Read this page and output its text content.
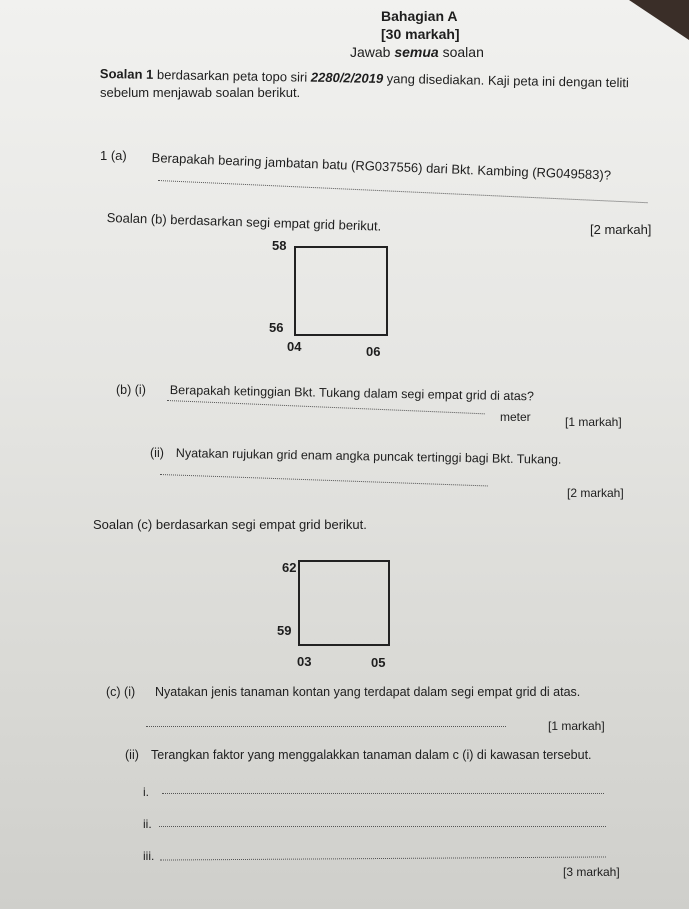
Bahagian A
[30 markah]
Jawab semua soalan
Soalan 1 berdasarkan peta topo siri 2280/2/2019 yang disediakan. Kaji peta ini dengan teliti
sebelum menjawab soalan berikut.
1 (a) Berapakah bearing jambatan batu (RG037556) dari Bkt. Kambing (RG049583)?
Soalan (b) berdasarkan segi empat grid berikut.	[2 markah]
58
56
04	06
(b) (i) Berapakah ketinggian Bkt. Tukang dalam segi empat grid di atas?
meter	[1 markah]
(ii) Nyatakan rujukan grid enam angka puncak tertinggi bagi Bkt. Tukang.
[2 markah]
Soalan (c) berdasarkan segi empat grid berikut.
62
59
03	05
(c) (i) Nyatakan jenis tanaman kontan yang terdapat dalam segi empat grid di atas.
[1 markah]
(ii) Terangkan faktor yang menggalakkan tanaman dalam c (i) di kawasan tersebut.
i.
ii.
iii.
[3 markah]
